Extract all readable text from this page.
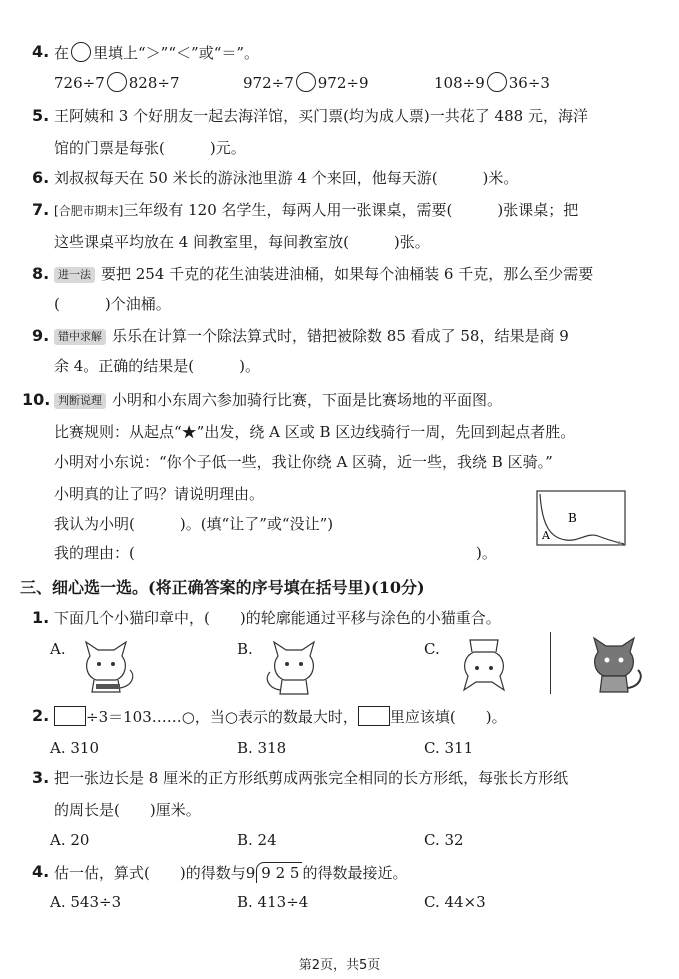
4. 在 里填上“＞”“＜”或“＝”。
726÷7 828÷7	972÷7 972÷9	108÷9 36÷3
5. 王阿姨和 3 个好朋友一起去海洋馆，买门票(均为成人票)一共花了 488 元，海洋
馆的门票是每张(　　　)元。
6. 刘叔叔每天在 50 米长的游泳池里游 4 个来回，他每天游(　　　)米。
7. [合肥市期末]三年级有 120 名学生，每两人用一张课桌，需要(　　　)张课桌；把
这些课桌平均放在 4 间教室里，每间教室放(　　　)张。
8. 进一法 要把 254 千克的花生油装进油桶，如果每个油桶装 6 千克，那么至少需要
(　　　)个油桶。
9. 错中求解 乐乐在计算一个除法算式时，错把被除数 85 看成了 58，结果是商 9
余 4。正确的结果是(　　　)。
10. 判断说理 小明和小东周六参加骑行比赛，下面是比赛场地的平面图。
比赛规则：从起点“★”出发，绕 A 区或 B 区边线骑行一周，先回到起点者胜。
小明对小东说：“你个子低一些，我让你绕 A 区骑，近一些，我绕 B 区骑。”
小明真的让了吗？请说明理由。
我认为小明(　　　)。(填“让了”或“没让”)
我的理由：(	)。
A
B
★
三、细心选一选。(将正确答案的序号填在括号里)(10分)
1. 下面几个小猫印章中，(　　)的轮廓能通过平移与涂色的小猫重合。
A.	B.	C.
2.	÷3＝103……○，当○表示的数最大时， 里应该填(　　)。
A. 310	B. 318	C. 311
3. 把一张边长是 8 厘米的正方形纸剪成两张完全相同的长方形纸，每张长方形纸
的周长是(　　)厘米。
A. 20	B. 24	C. 32
4. 估一估，算式(　　)的得数与9 9 2 5 的得数最接近。
A. 543÷3	B. 413÷4	C. 44×3
第2页，共5页
